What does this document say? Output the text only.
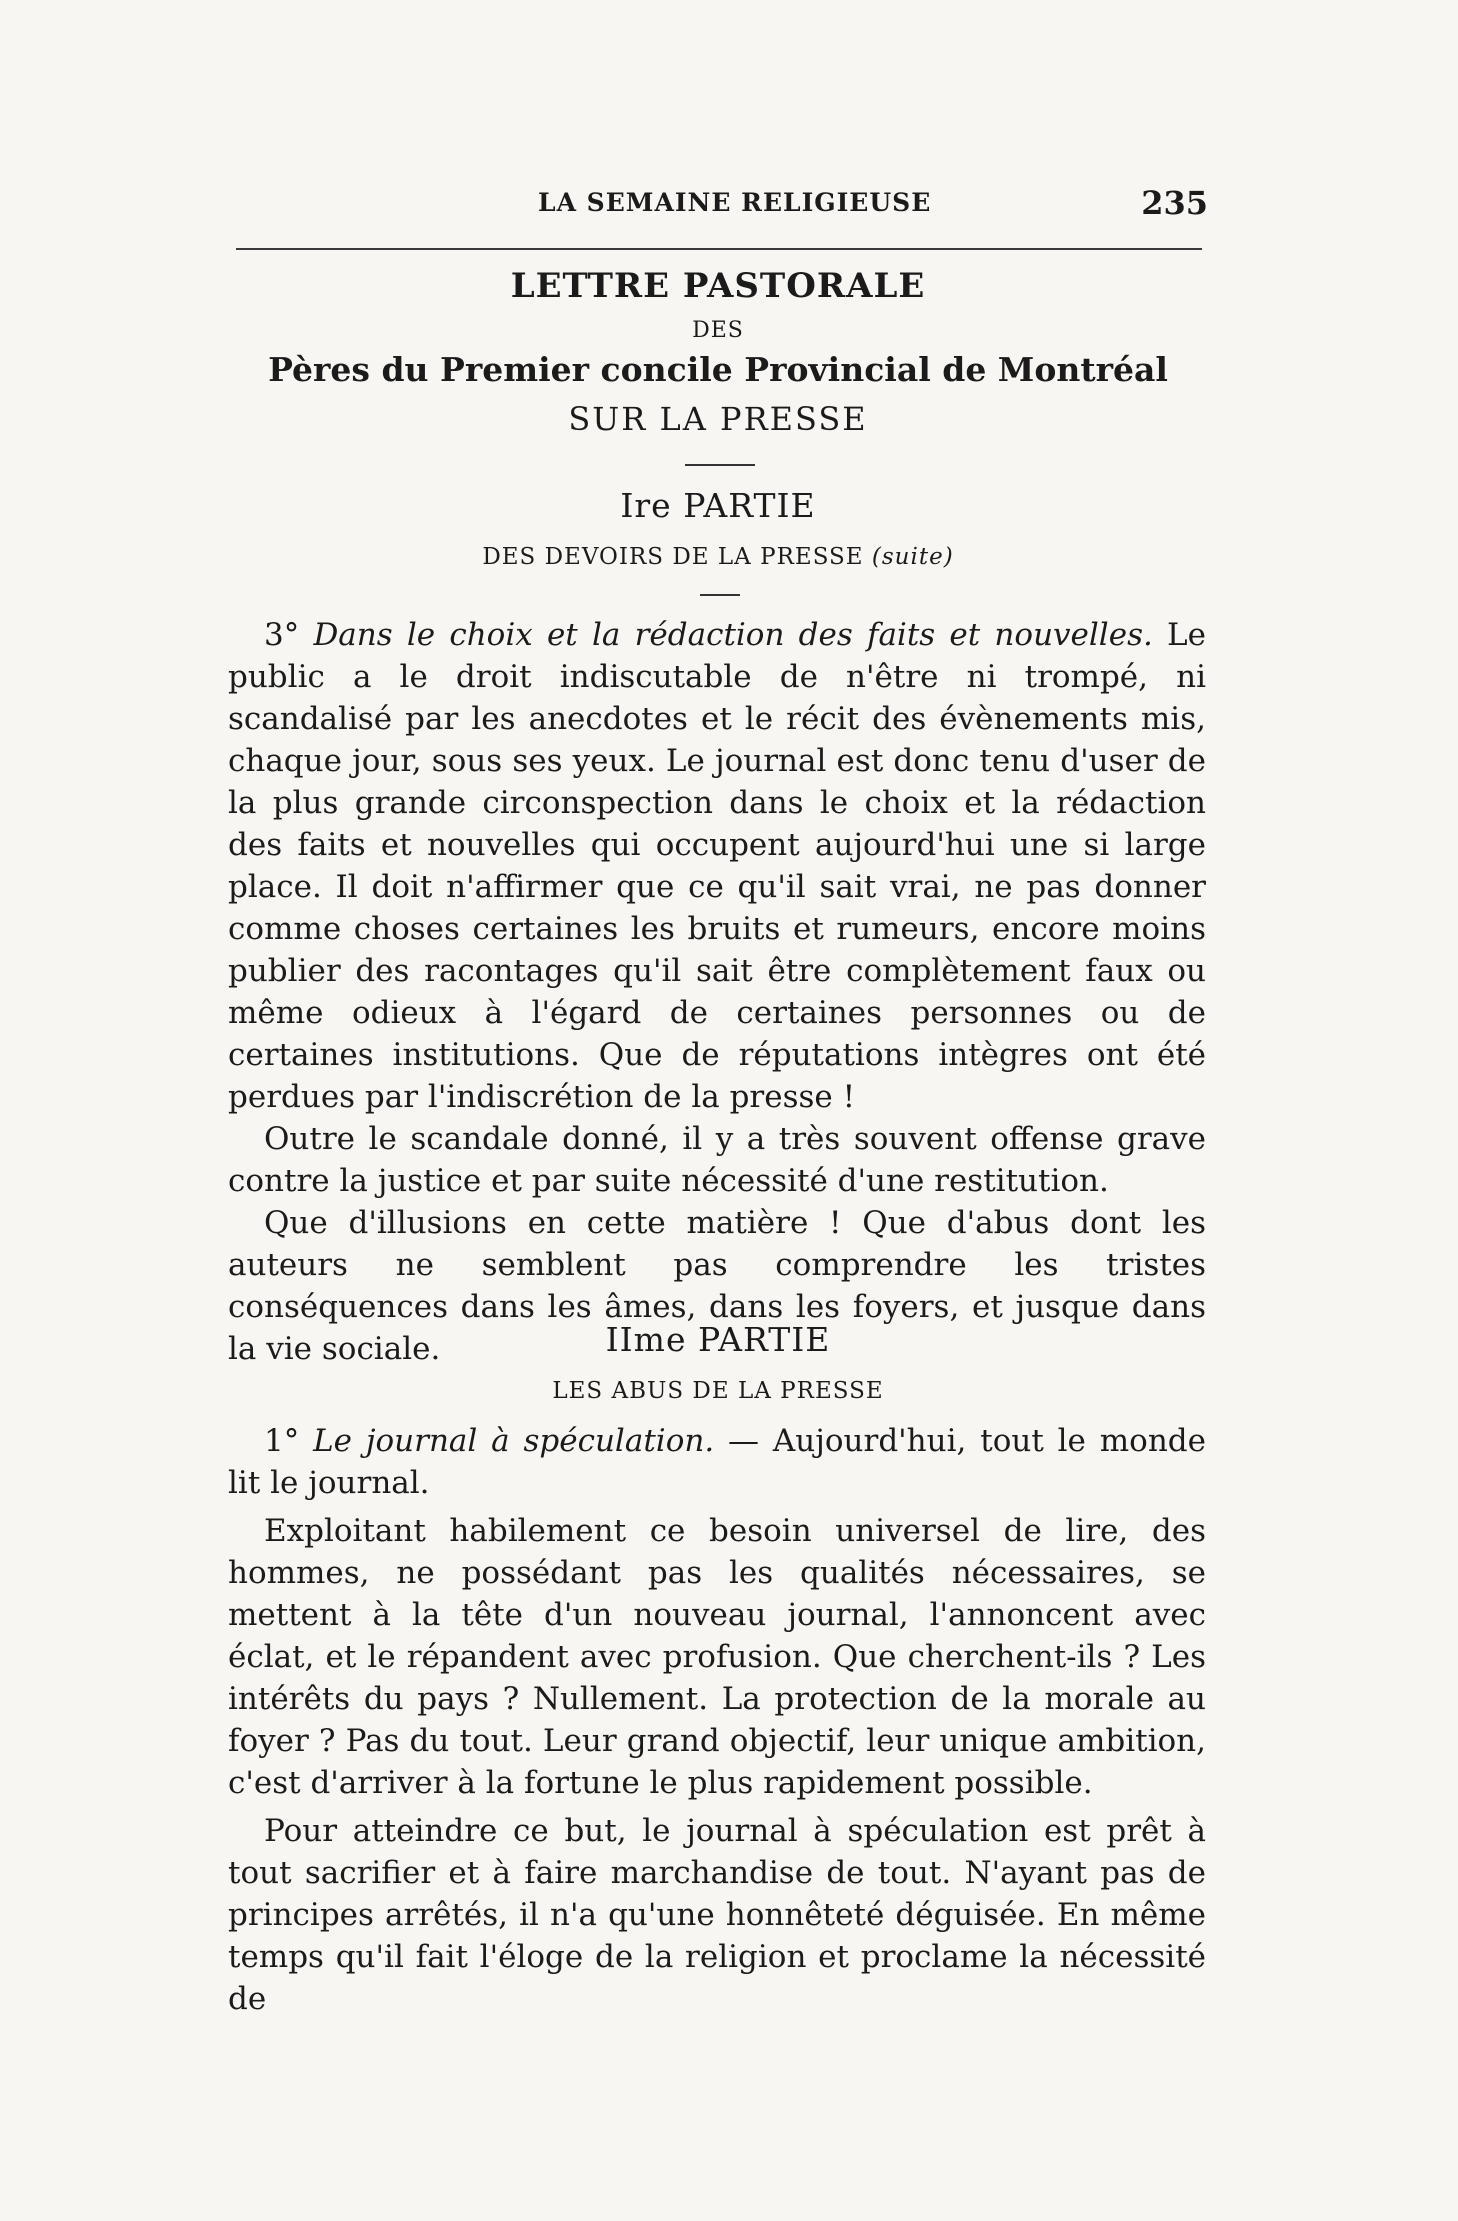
LA SEMAINE RELIGIEUSE	235
LETTRE PASTORALE
DES
Pères du Premier concile Provincial de Montréal
SUR LA PRESSE
Ire PARTIE
DES DEVOIRS DE LA PRESSE (suite)

3° Dans le choix et la rédaction des faits et nouvelles. Le public a le droit indiscutable de n'être ni trompé, ni scandalisé par les anecdotes et le récit des évènements mis, chaque jour, sous ses yeux. Le journal est donc tenu d'user de la plus grande circonspection dans le choix et la rédaction des faits et nouvelles qui occupent aujourd'hui une si large place. Il doit n'affirmer que ce qu'il sait vrai, ne pas donner comme choses certaines les bruits et rumeurs, encore moins publier des racontages qu'il sait être complètement faux ou même odieux à l'égard de certaines personnes ou de certaines institutions. Que de réputations intègres ont été perdues par l'indiscrétion de la presse !

Outre le scandale donné, il y a très souvent offense grave contre la justice et par suite nécessité d'une restitution.

Que d'illusions en cette matière ! Que d'abus dont les auteurs ne semblent pas comprendre les tristes conséquences dans les âmes, dans les foyers, et jusque dans la vie sociale.	IIme PARTIE
LES ABUS DE LA PRESSE

1° Le journal à spéculation. — Aujourd'hui, tout le monde lit le journal.

Exploitant habilement ce besoin universel de lire, des hommes, ne possédant pas les qualités nécessaires, se mettent à la tête d'un nouveau journal, l'annoncent avec éclat, et le répandent avec profusion. Que cherchent-ils ? Les intérêts du pays ? Nullement. La protection de la morale au foyer ? Pas du tout. Leur grand objectif, leur unique ambition, c'est d'arriver à la fortune le plus rapidement possible.

Pour atteindre ce but, le journal à spéculation est prêt à tout sacrifier et à faire marchandise de tout. N'ayant pas de principes arrêtés, il n'a qu'une honnêteté déguisée. En même temps qu'il fait l'éloge de la religion et proclame la nécessité de
